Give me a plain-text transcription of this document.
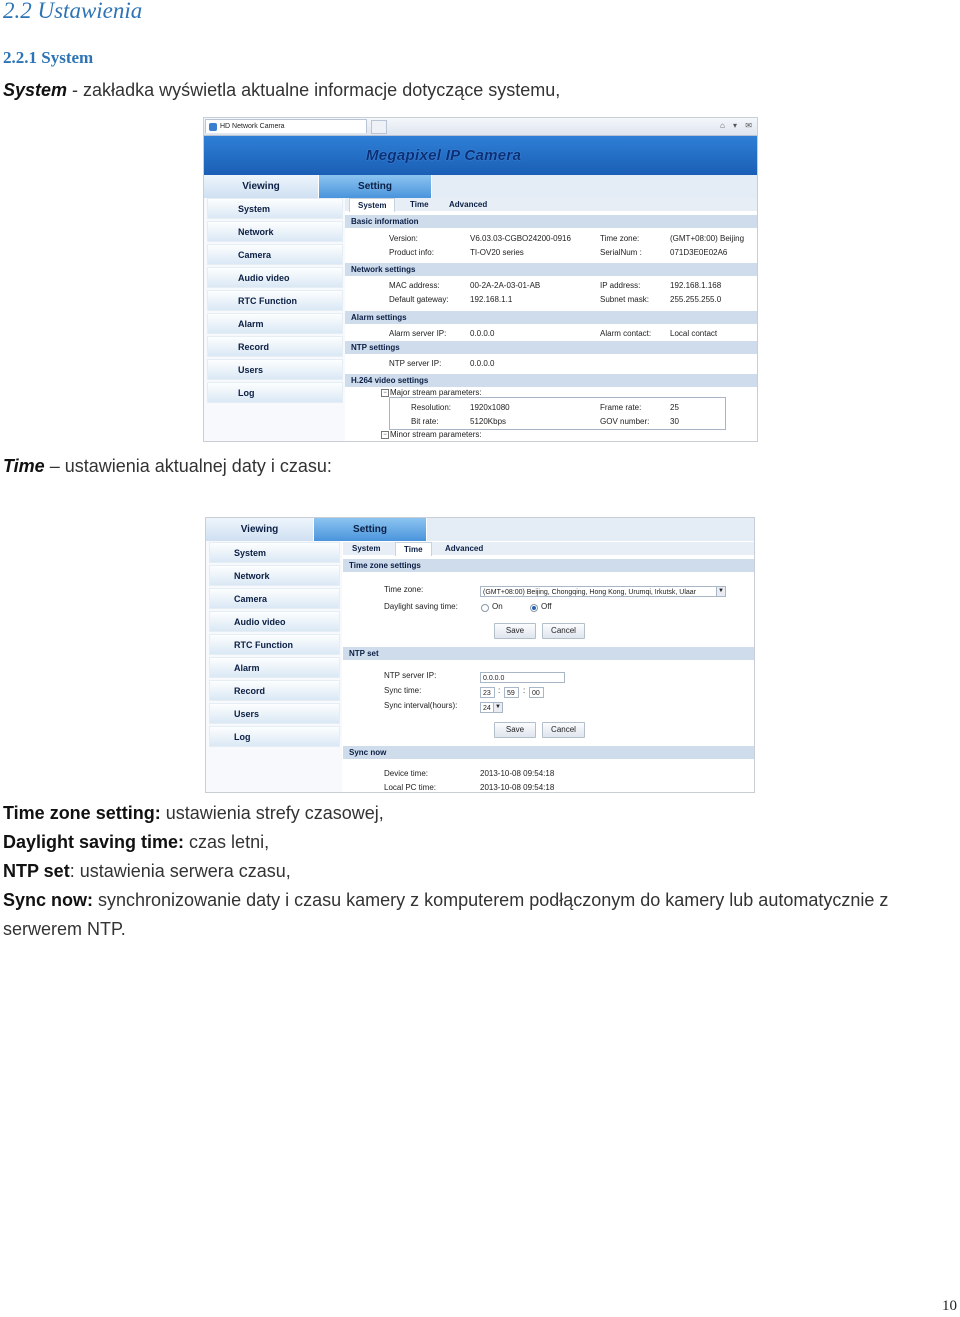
2.2 Ustawienia
2.2.1 System
System - zakładka wyświetla aktualne informacje dotyczące systemu,
HD Network Camera	⌂ ▾ ✉
Megapixel IP Camera
Viewing	Setting
System
Network
Camera
Audio video
RTC Function
Alarm
Record
Users
Log
System	Time	Advanced
Basic information
Version:	V6.03.03-CGBO24200-0916	Time zone:	(GMT+08:00) Beijing
Product info:	TI-OV20 series	SerialNum :	071D3E0E02A6
Network settings
MAC address:	00-2A-2A-03-01-AB	IP address:	192.168.1.168
Default gateway:	192.168.1.1	Subnet mask:	255.255.255.0
Alarm settings
Alarm server IP:	0.0.0.0	Alarm contact: Local contact
NTP settings
NTP server IP:	0.0.0.0
H.264 video settings
− Major stream parameters:
Resolution: 1920x1080	Frame rate:	25
Bit rate:	5120Kbps	GOV number:	30
− Minor stream parameters:
Time – ustawienia aktualnej daty i czasu:
Viewing	Setting
System
Network
Camera
Audio video
RTC Function
Alarm
Record
Users
Log
System	Time	Advanced
Time zone settings
Time zone:	(GMT+08:00) Beijing, Chongqing, Hong Kong, Urumqi, Irkutsk, Ulaar	▼
Daylight saving time:	On	Off
Save	Cancel
NTP set
NTP server IP:	0.0.0.0
Sync time:	23 : 59	: 00
Sync interval(hours):	24 ▼
Save	Cancel
Sync now
Device time:	2013-10-08 09:54:18
Local PC time:	2013-10-08 09:54:18
Time zone setting: ustawienia strefy czasowej,
Daylight saving time: czas letni,
NTP set: ustawienia serwera czasu,
Sync now: synchronizowanie daty i czasu kamery z komputerem podłączonym do kamery lub automatycznie z
serwerem NTP.
10
